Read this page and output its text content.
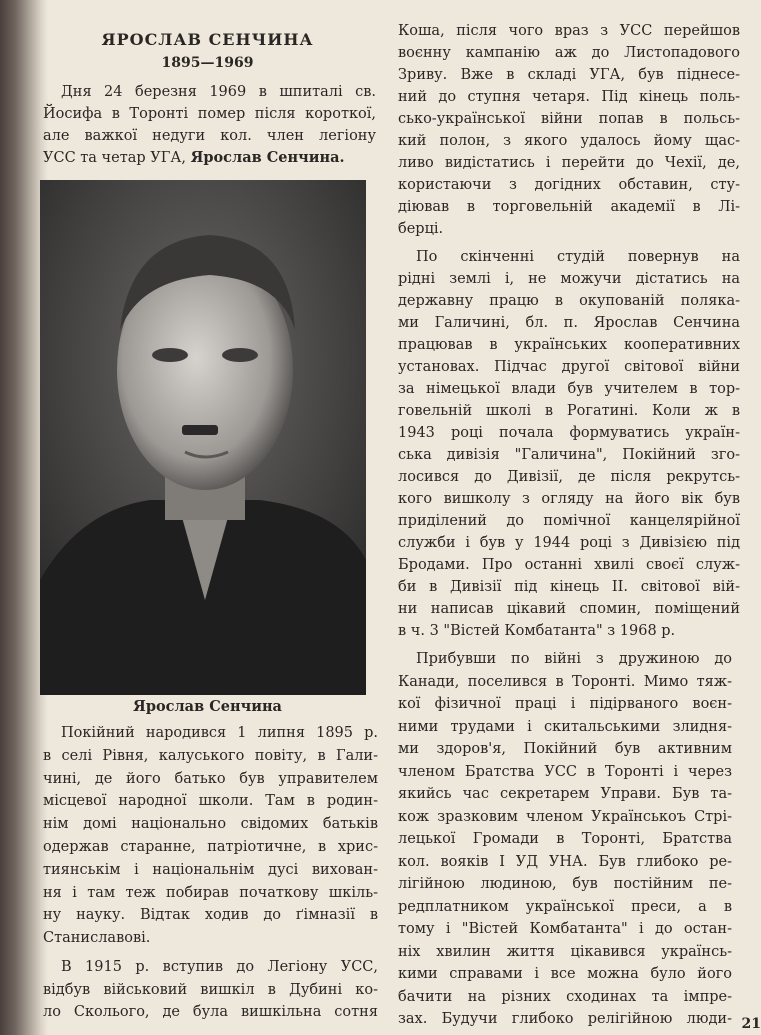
ЯРОСЛАВ СЕНЧИНА
1895—1969
Дня 24 березня 1969 в шпиталі св.
Йосифа в Торонті помер після короткої,
але важкої недуги кол. член легіону
УСС та четар УГА, Ярослав Сенчина.
Ярослав Сенчина
Покійний народився 1 липня 1895 р.
в селі Рівня, калуського повіту, в Гали-
чині, де його батько був управителем
місцевої народної школи. Там в родин-
нім домі національно свідомих батьків
одержав старанне, патріотичне, в хрис-
тиянськім і національнім дусі вихован-
ня і там теж побирав початкову шкіль-
ну науку. Відтак ходив до ґімназії в
Станиславові.
В 1915 р. вступив до Легіону УСС,
відбув військовий вишкіл в Дубині ко-
ло Сколього, де була вишкільна сотня
Коша, після чого враз з УСС перейшов
воєнну кампанію аж до Листопадового
Зриву. Вже в складі УГА, був піднесе-
ний до ступня четаря. Під кінець поль-
сько-української війни попав в польсь-
кий полон, з якого удалось йому щас-
ливо видістатись і перейти до Чехії, де,
користаючи з догідних обставин, сту-
діював в торговельній академії в Лі-
берці.
По скінченні студій повернув на
рідні землі і, не можучи дістатись на
державну працю в окупованій поляка-
ми Галичині, бл. п. Ярослав Сенчина
працював в українських кооперативних
установах. Підчас другої світової війни
за німецької влади був учителем в тор-
говельній школі в Рогатині. Коли ж в
1943 році почала формуватись україн-
ська дивізія "Галичина", Покійний зго-
лосився до Дивізії, де після рекрутсь-
кого вишколу з огляду на його вік був
приділений до помічної канцелярійної
служби і був у 1944 році з Дивізією під
Бродами. Про останні хвилі своєї служ-
би в Дивізії під кінець II. світової вій-
ни написав цікавий спомин, поміщений
в ч. 3 "Вістей Комбатанта" з 1968 р.
Прибувши по війні з дружиною до
Канади, поселився в Торонті. Мимо тяж-
кої фізичної праці і підірваного воєн-
ними трудами і скитальськими злидня-
ми здоров'я, Покійний був активним
членом Братства УСС в Торонті і через
якийсь час секретарем Управи. Був та-
кож зразковим членом Українськоъ Стрі-
лецької Громади в Торонті, Братства
кол. вояків І УД УНА. Був глибоко ре-
лігійною людиною, був постійним пе-
редплатником української преси, а в
тому і "Вістей Комбатанта" і до остан-
ніх хвилин життя цікавився українсь-
кими справами і все можна було його
бачити на різних сходинах та імпре-
зах. Будучи глибоко релігійною люди- 21
